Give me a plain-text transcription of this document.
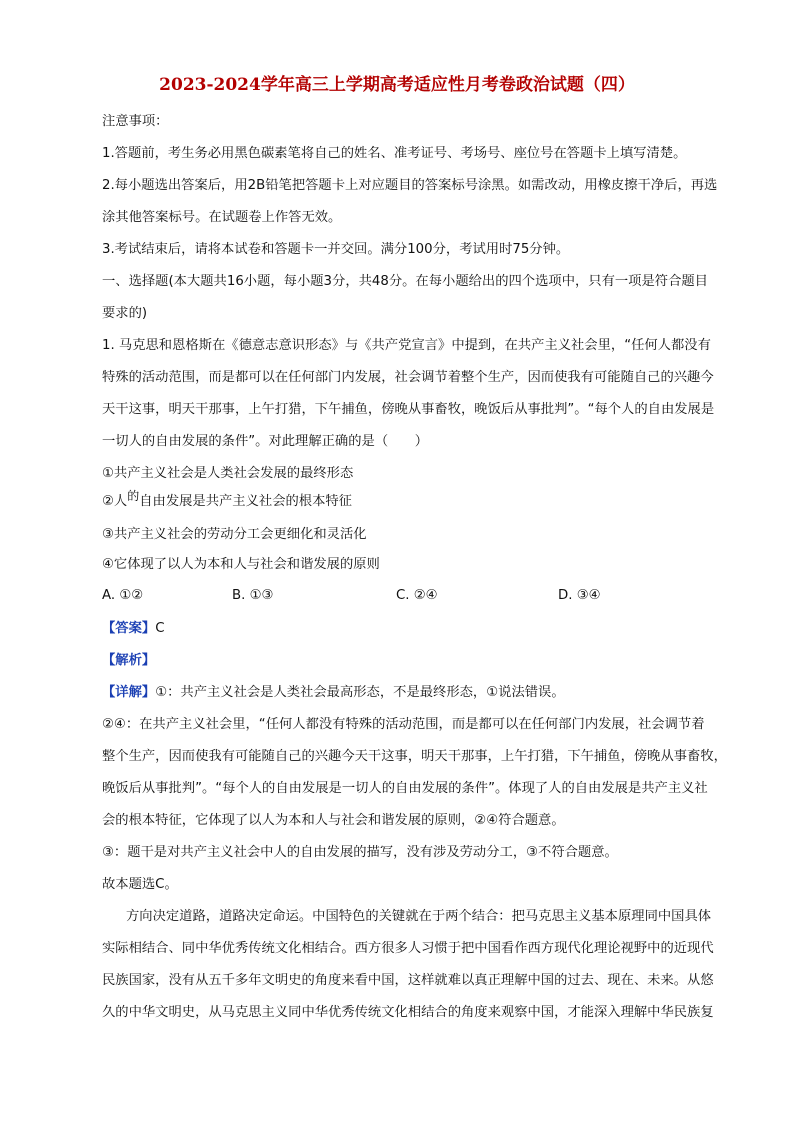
2023-2024学年高三上学期高考适应性月考卷政治试题（四）
注意事项：
1.答题前，考生务必用黑色碳素笔将自己的姓名、准考证号、考场号、座位号在答题卡上填写清楚。
2.每小题选出答案后，用2B铅笔把答题卡上对应题目的答案标号涂黑。如需改动，用橡皮擦干净后，再选
涂其他答案标号。在试题卷上作答无效。
3.考试结束后，请将本试卷和答题卡一并交回。满分100分，考试用时75分钟。
一、选择题(本大题共16小题，每小题3分，共48分。在每小题给出的四个选项中，只有一项是符合题目
要求的)
1. 马克思和恩格斯在《德意志意识形态》与《共产党宣言》中提到，在共产主义社会里，“任何人都没有
特殊的活动范围，而是都可以在任何部门内发展，社会调节着整个生产，因而使我有可能随自己的兴趣今
天干这事，明天干那事，上午打猎，下午捕鱼，傍晚从事畜牧，晚饭后从事批判”。“每个人的自由发展是
一切人的自由发展的条件”。对此理解正确的是（　　）
①共产主义社会是人类社会发展的最终形态
②人的自由发展是共产主义社会的根本特征
③共产主义社会的劳动分工会更细化和灵活化
④它体现了以人为本和人与社会和谐发展的原则
A. ①②	B. ①③	C. ②④	D. ③④
【答案】C
【解析】
【详解】①：共产主义社会是人类社会最高形态，不是最终形态，①说法错误。
②④：在共产主义社会里，“任何人都没有特殊的活动范围，而是都可以在任何部门内发展，社会调节着
整个生产，因而使我有可能随自己的兴趣今天干这事，明天干那事，上午打猎，下午捕鱼，傍晚从事畜牧，
晚饭后从事批判”。“每个人的自由发展是一切人的自由发展的条件”。体现了人的自由发展是共产主义社
会的根本特征，它体现了以人为本和人与社会和谐发展的原则，②④符合题意。
③：题干是对共产主义社会中人的自由发展的描写，没有涉及劳动分工，③不符合题意。
故本题选C。
方向决定道路，道路决定命运。中国特色的关键就在于两个结合：把马克思主义基本原理同中国具体
实际相结合、同中华优秀传统文化相结合。西方很多人习惯于把中国看作西方现代化理论视野中的近现代
民族国家，没有从五千多年文明史的角度来看中国，这样就难以真正理解中国的过去、现在、未来。从悠
久的中华文明史，从马克思主义同中华优秀传统文化相结合的角度来观察中国，才能深入理解中华民族复
